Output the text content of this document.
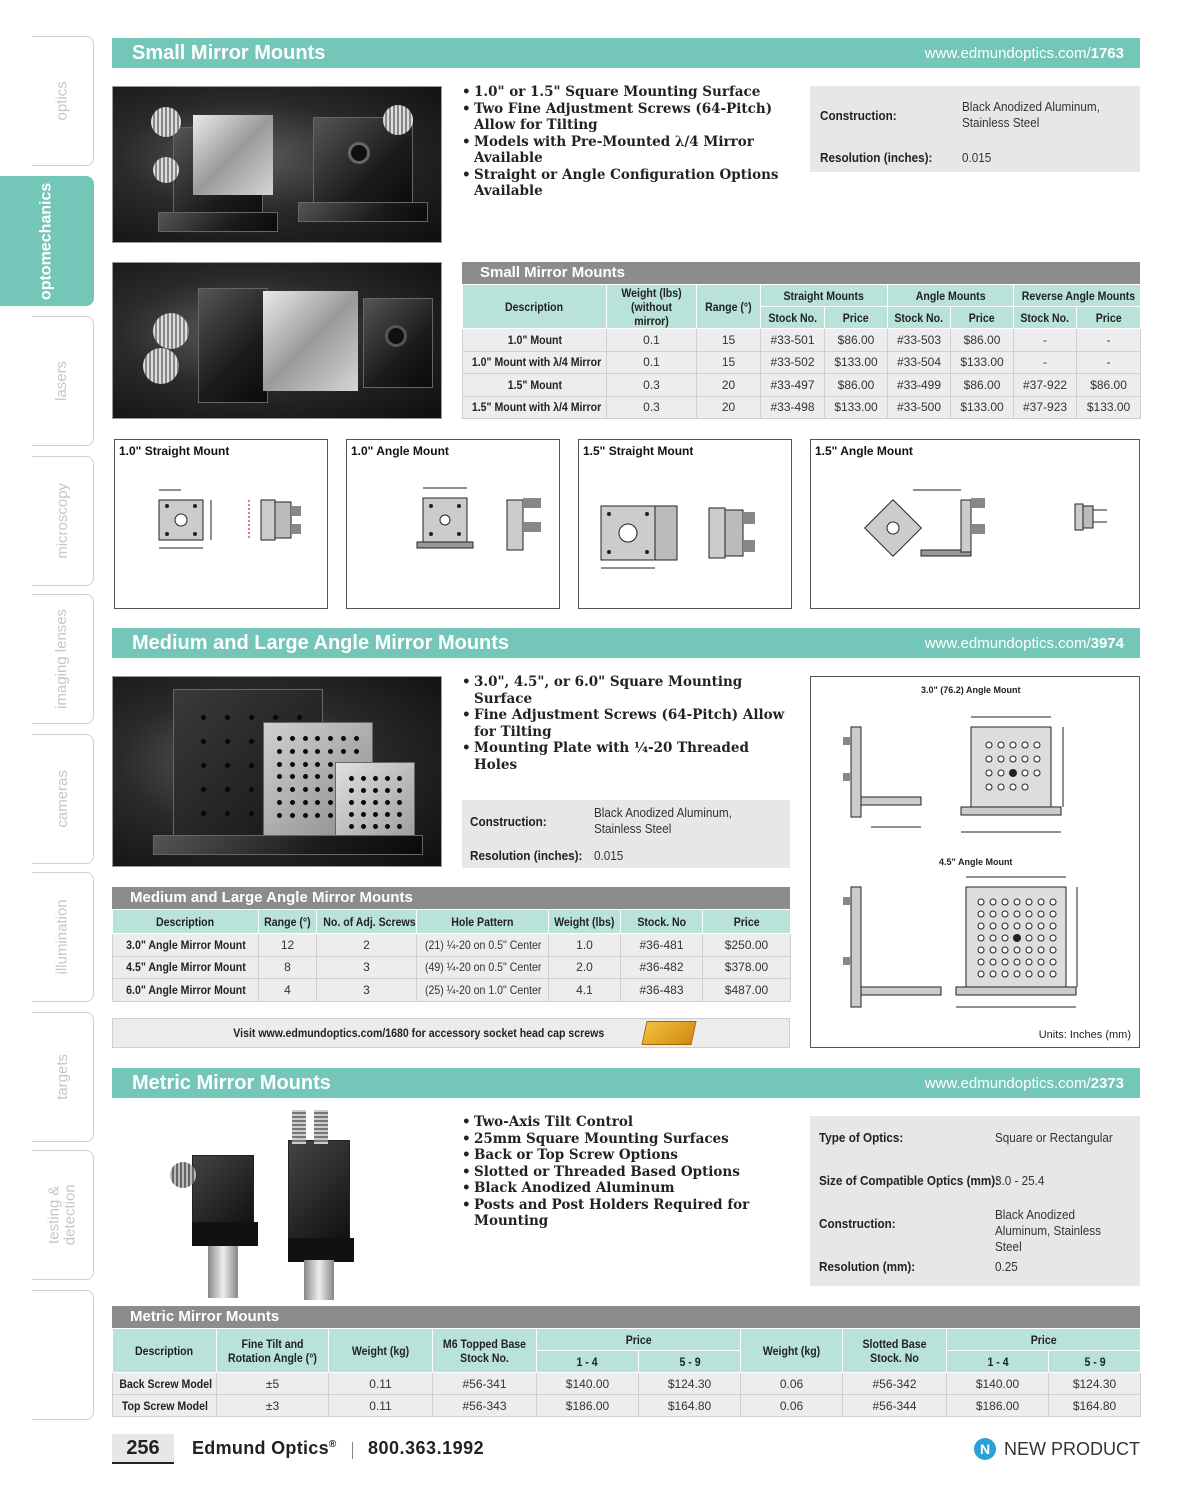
optics
optomechanics
lasers
microscopy
imaging lenses
cameras
illumination
targets
testing &
detection
Small Mirror Mounts	www.edmundoptics.com/1763
• 1.0" or 1.5" Square Mounting Surface
• Two Fine Adjustment Screws (64-Pitch) Allow for Tilting
• Models with Pre-Mounted λ/4 Mirror Available
• Straight or Angle Configuration Options Available
Construction:
Black Anodized Aluminum, Stainless Steel
Resolution (inches): 0.015
Small Mirror Mounts
Description	Weight (lbs) (without mirror)	Range (°)	Straight Mounts		Angle Mounts		Reverse Angle Mounts	
			Stock No.	Price	Stock No.	Price	Stock No.	Price
1.0" Mount	0.1	15	#33-501	$86.00	#33-503	$86.00	-	-
1.0" Mount with λ/4 Mirror	0.1	15	#33-502	$133.00	#33-504	$133.00	-	-
1.5" Mount	0.3	20	#33-497	$86.00	#33-499	$86.00	#37-922	$86.00
1.5" Mount with λ/4 Mirror	0.3	20	#33-498	$133.00	#33-500	$133.00	#37-923	$133.00
1.0" Straight Mount	1.0" Angle Mount	1.5" Straight Mount	1.5" Angle Mount
Medium and Large Angle Mirror Mounts	www.edmundoptics.com/3974
• 3.0", 4.5", or 6.0" Square Mounting Surface
• Fine Adjustment Screws (64-Pitch) Allow for Tilting
• Mounting Plate with ¼-20 Threaded Holes
Construction:
Black Anodized Aluminum, Stainless Steel
Resolution (inches): 0.015
Medium and Large Angle Mirror Mounts
Description	Range (°)	No. of Adj. Screws	Hole Pattern	Weight (lbs)	Stock. No	Price
3.0" Angle Mirror Mount	12	2	(21) ¼-20 on 0.5" Center	1.0	#36-481	$250.00
4.5" Angle Mirror Mount	8	3	(49) ¼-20 on 0.5" Center	2.0	#36-482	$378.00
6.0" Angle Mirror Mount	4	3	(25) ¼-20 on 1.0" Center	4.1	#36-483	$487.00
Visit www.edmundoptics.com/1680 for accessory socket head cap screws
3.0" (76.2) Angle Mount
4.5" Angle Mount
Units: Inches (mm)
Metric Mirror Mounts	www.edmundoptics.com/2373
• Two-Axis Tilt Control
• 25mm Square Mounting Surfaces
• Back or Top Screw Options
• Slotted or Threaded Based Options
• Black Anodized Aluminum
• Posts and Post Holders Required for Mounting
Type of Optics:	Square or Rectangular
Size of Compatible Optics (mm):
3.0 - 25.4
Construction:
Black Anodized Aluminum, Stainless Steel
Resolution (mm):	0.25
Metric Mirror Mounts
Description	Fine Tilt and Rotation Angle (°)	Weight (kg)	M6 Topped Base Stock No.	Price		Weight (kg)	Slotted Base Stock. No	Price	
				1 - 4	5 - 9			1 - 4	5 - 9
Back Screw Model	±5	0.11	#56-341	$140.00	$124.30	0.06	#56-342	$140.00	$124.30
Top Screw Model	±3	0.11	#56-343	$186.00	$164.80	0.06	#56-344	$186.00	$164.80
256	Edmund Optics® 800.363.1992	N NEW PRODUCT
